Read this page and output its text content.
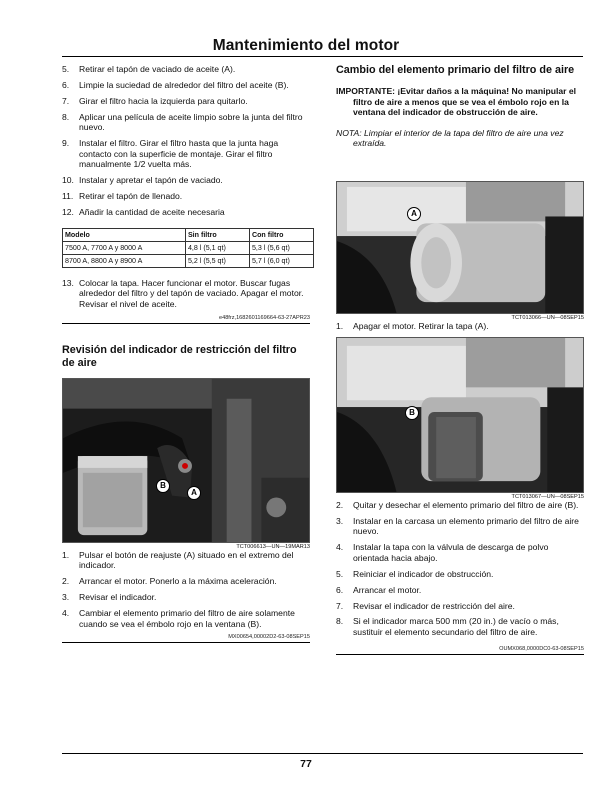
Mantenimiento del motor
5. Retirar el tapón de vaciado de aceite (A).
6. Limpie la suciedad de alrededor del filtro del aceite (B).
7. Girar el filtro hacia la izquierda para quitarlo.
8. Aplicar una película de aceite limpio sobre la junta del filtro nuevo.
9. Instalar el filtro. Girar el filtro hasta que la junta haga contacto con la superficie de montaje. Girar el filtro manualmente 1/2 vuelta más.
10. Instalar y apretar el tapón de vaciado.
11. Retirar el tapón de llenado.
12. Añadir la cantidad de aceite necesaria
Modelo	Sin filtro	Con filtro
7500 A, 7700 A y 8000 A	4,8 l (5,1 qt)	5,3 l (5,6 qt)
8700 A, 8800 A y 8900 A	5,2 l (5,5 qt)	5,7 l (6,0 qt)
13. Colocar la tapa. Hacer funcionar el motor. Buscar fugas alrededor del filtro y del tapón de vaciado. Apagar el motor. Revisar el nivel de aceite.
e48frz,1682601169664-63-27APR23
Revisión del indicador de restricción del filtro de aire
B
A
TCT006613—UN—19MAR13
1. Pulsar el botón de reajuste (A) situado en el extremo del indicador.
2. Arrancar el motor. Ponerlo a la máxima aceleración.
3. Revisar el indicador.
4. Cambiar el elemento primario del filtro de aire solamente cuando se vea el émbolo rojo en la ventana (B).
MX00654,00002D2-63-08SEP15
Cambio del elemento primario del filtro de aire
IMPORTANTE: ¡Evitar daños a la máquina! No manipular el filtro de aire a menos que se vea el émbolo rojo en la ventana del indicador de obstrucción de aire.
NOTA: Limpiar el interior de la tapa del filtro de aire una vez extraída.
A
TCT013066—UN—08SEP15
1. Apagar el motor. Retirar la tapa (A).
B
TCT013067—UN—08SEP15
2. Quitar y desechar el elemento primario del filtro de aire (B).
3. Instalar en la carcasa un elemento primario del filtro de aire nuevo.
4. Instalar la tapa con la válvula de descarga de polvo orientada hacia abajo.
5. Reiniciar el indicador de obstrucción.
6. Arrancar el motor.
7. Revisar el indicador de restricción del aire.
8. Si el indicador marca 500 mm (20 in.) de vacío o más, sustituir el elemento secundario del filtro de aire.
OUMX068,0000DC0-63-08SEP15
77
